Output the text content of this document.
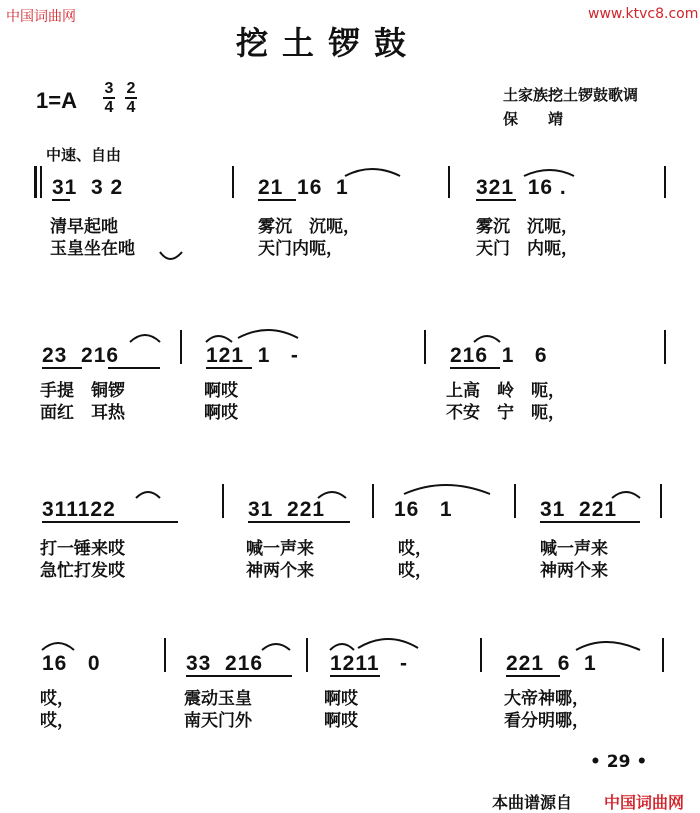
中国词曲网	www.ktvc8.com
挖土锣鼓
1=A 3
4
2
4
土家族挖土锣鼓歌调
保　　靖
中速、自由
31  3 2
清早起吔
玉皇坐在吔
21  16  1
雾沉　沉呃，
天门内呃，
321  16 .
雾沉　沉呃，
天门　内呃，
23  216
手提　铜锣
面红　耳热
121  1   -
啊哎
啊哎
216  1   6
上高　岭　呃，
不安　宁　呃，
311122
打一锤来哎
急忙打发哎
31  221
喊一声来
神两个来
16   1
哎，
哎，
31  221
喊一声来
神两个来
16   0
哎，
哎，
33  216
震动玉皇
南天门外
1211   -
啊哎
啊哎
221  6  1
大帝神哪，
看分明哪，
• 29 •
本曲谱源自 中国词曲网
